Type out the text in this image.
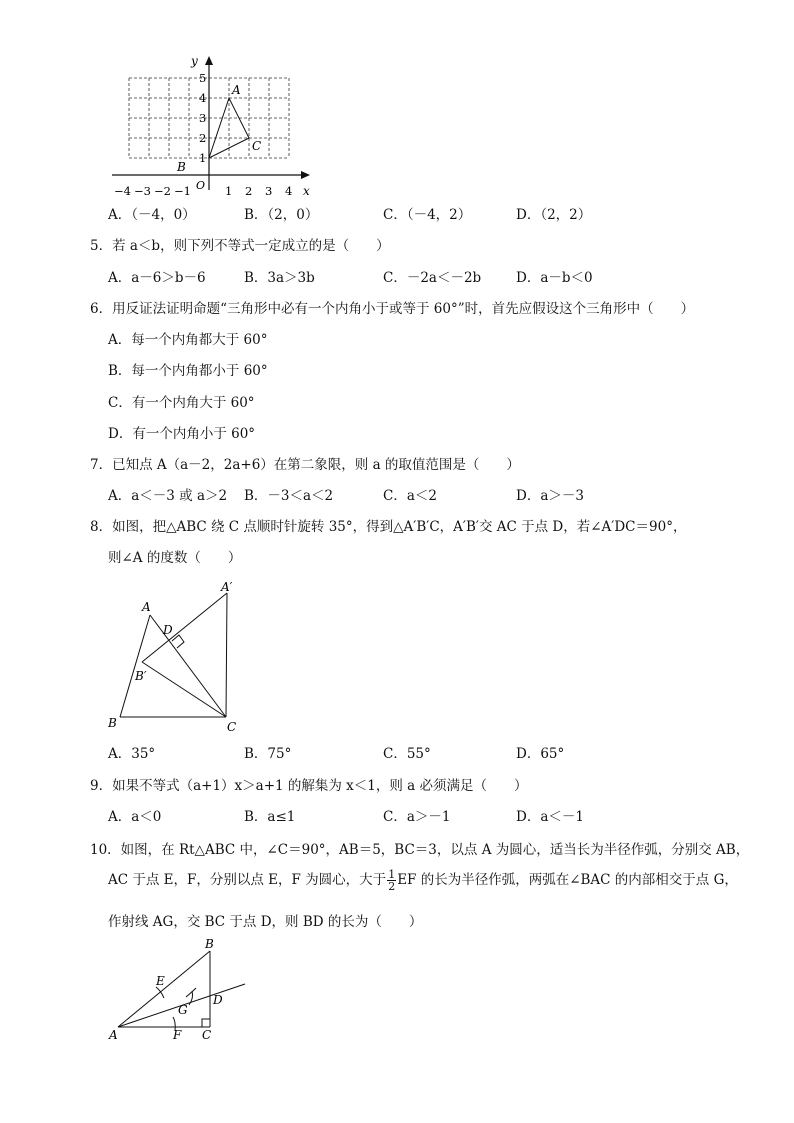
y
x
O
−4 −3 −2 −1	1 2 3 4
1
2
3
4
5
A
B
C
A．（－4，0）	B．（2，0）	C．（－4，2）	D．（2，2）
5．若 a＜b，则下列不等式一定成立的是（　　）
A．a－6＞b－6	B．3a＞3b	C．－2a＜－2b	D．a－b＜0
6．用反证法证明命题“三角形中必有一个内角小于或等于 60°”时，首先应假设这个三角形中（　　）
A．每一个内角都大于 60°
B．每一个内角都小于 60°
C．有一个内角大于 60°
D．有一个内角小于 60°
7．已知点 A（a－2，2a+6）在第二象限，则 a 的取值范围是（　　）
A．a＜－3 或 a＞2 B．－3＜a＜2	C．a＜2	D．a＞－3
8．如图，把△ABC 绕 C 点顺时针旋转 35°，得到△A′B′C，A′B′交 AC 于点 D，若∠A′DC＝90°，
则∠A 的度数（　　）
A
A′
D
B′
B	C
A．35°	B．75°	C．55°	D．65°
9．如果不等式（a+1）x＞a+1 的解集为 x＜1，则 a 必须满足（　　）
A．a＜0	B．a≤1	C．a＞－1	D．a＜－1
10．如图，在 Rt△ABC 中，∠C＝90°，AB＝5，BC＝3，以点 A 为圆心，适当长为半径作弧，分别交 AB，
AC 于点 E，F，分别以点 E，F 为圆心，大于 $\frac{1}{2}$ EF 的长为半径作弧，两弧在∠BAC 的内部相交于点 G，
作射线 AG，交 BC 于点 D，则 BD 的长为（　　）
B
E
G
D
A	F C
